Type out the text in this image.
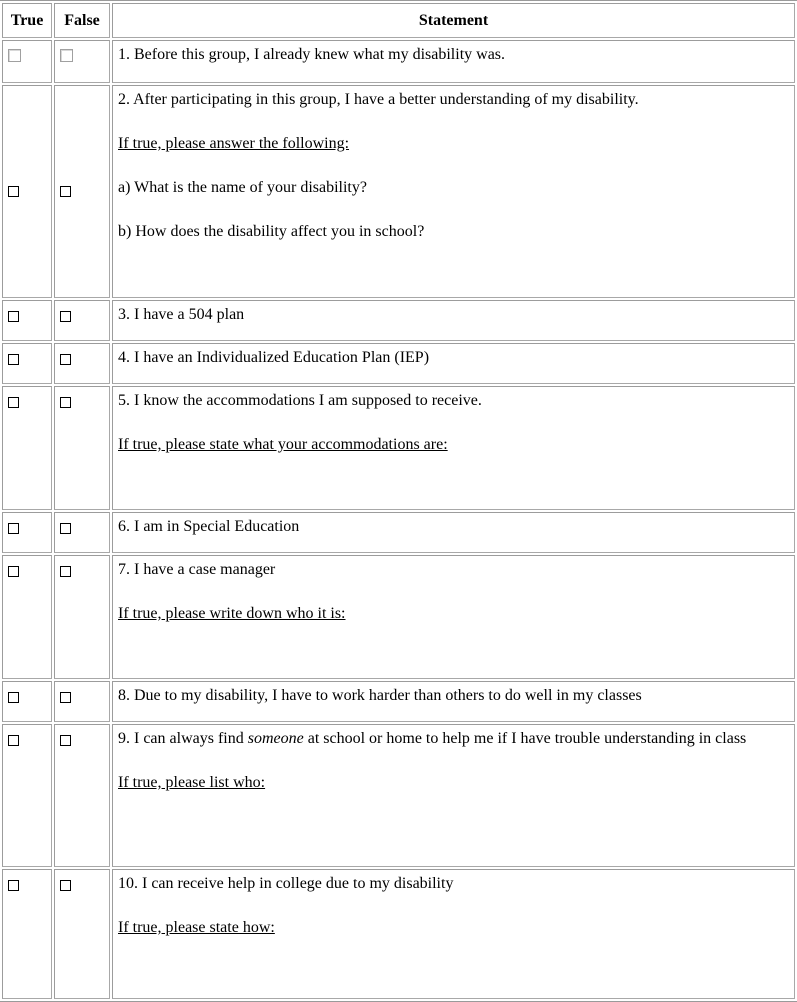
True	False	Statement

		1. Before this group, I already knew what my disability was.

		2. After participating in this group, I have a better understanding of my disability.

If true, please answer the following:

a) What is the name of your disability?

b) How does the disability affect you in school?

		3. I have a 504 plan

		4. I have an Individualized Education Plan (IEP)

		5. I know the accommodations I am supposed to receive.

If true, please state what your accommodations are:

		6. I am in Special Education

		7. I have a case manager

If true, please write down who it is:

		8. Due to my disability, I have to work harder than others to do well in my classes

		9. I can always find someone at school or home to help me if I have trouble understanding in class

If true, please list who:

		10. I can receive help in college due to my disability

If true, please state how:
